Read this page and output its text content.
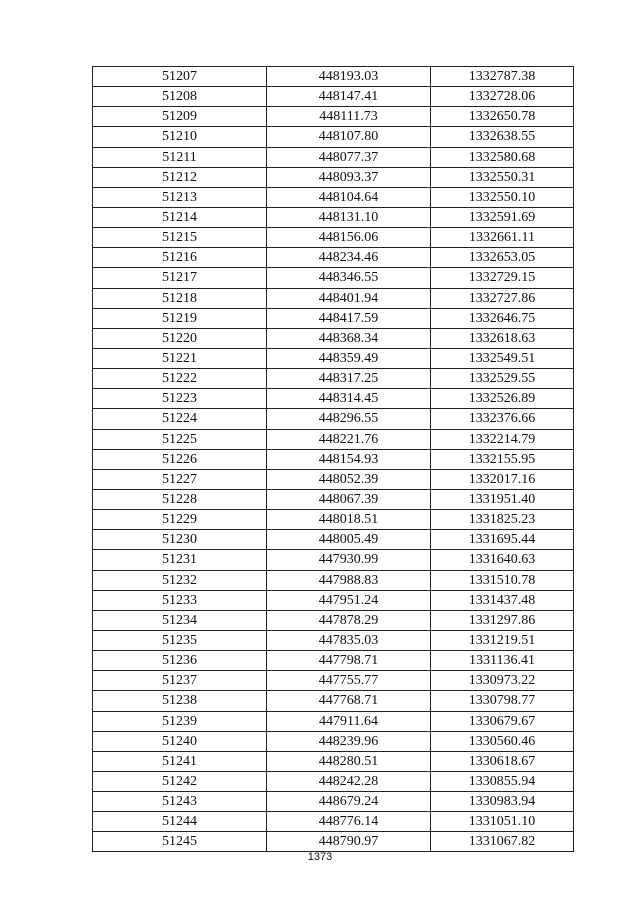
51207	448193.03	1332787.38
51208	448147.41	1332728.06
51209	448111.73	1332650.78
51210	448107.80	1332638.55
51211	448077.37	1332580.68
51212	448093.37	1332550.31
51213	448104.64	1332550.10
51214	448131.10	1332591.69
51215	448156.06	1332661.11
51216	448234.46	1332653.05
51217	448346.55	1332729.15
51218	448401.94	1332727.86
51219	448417.59	1332646.75
51220	448368.34	1332618.63
51221	448359.49	1332549.51
51222	448317.25	1332529.55
51223	448314.45	1332526.89
51224	448296.55	1332376.66
51225	448221.76	1332214.79
51226	448154.93	1332155.95
51227	448052.39	1332017.16
51228	448067.39	1331951.40
51229	448018.51	1331825.23
51230	448005.49	1331695.44
51231	447930.99	1331640.63
51232	447988.83	1331510.78
51233	447951.24	1331437.48
51234	447878.29	1331297.86
51235	447835.03	1331219.51
51236	447798.71	1331136.41
51237	447755.77	1330973.22
51238	447768.71	1330798.77
51239	447911.64	1330679.67
51240	448239.96	1330560.46
51241	448280.51	1330618.67
51242	448242.28	1330855.94
51243	448679.24	1330983.94
51244	448776.14	1331051.10
51245	448790.97	1331067.82
1373
